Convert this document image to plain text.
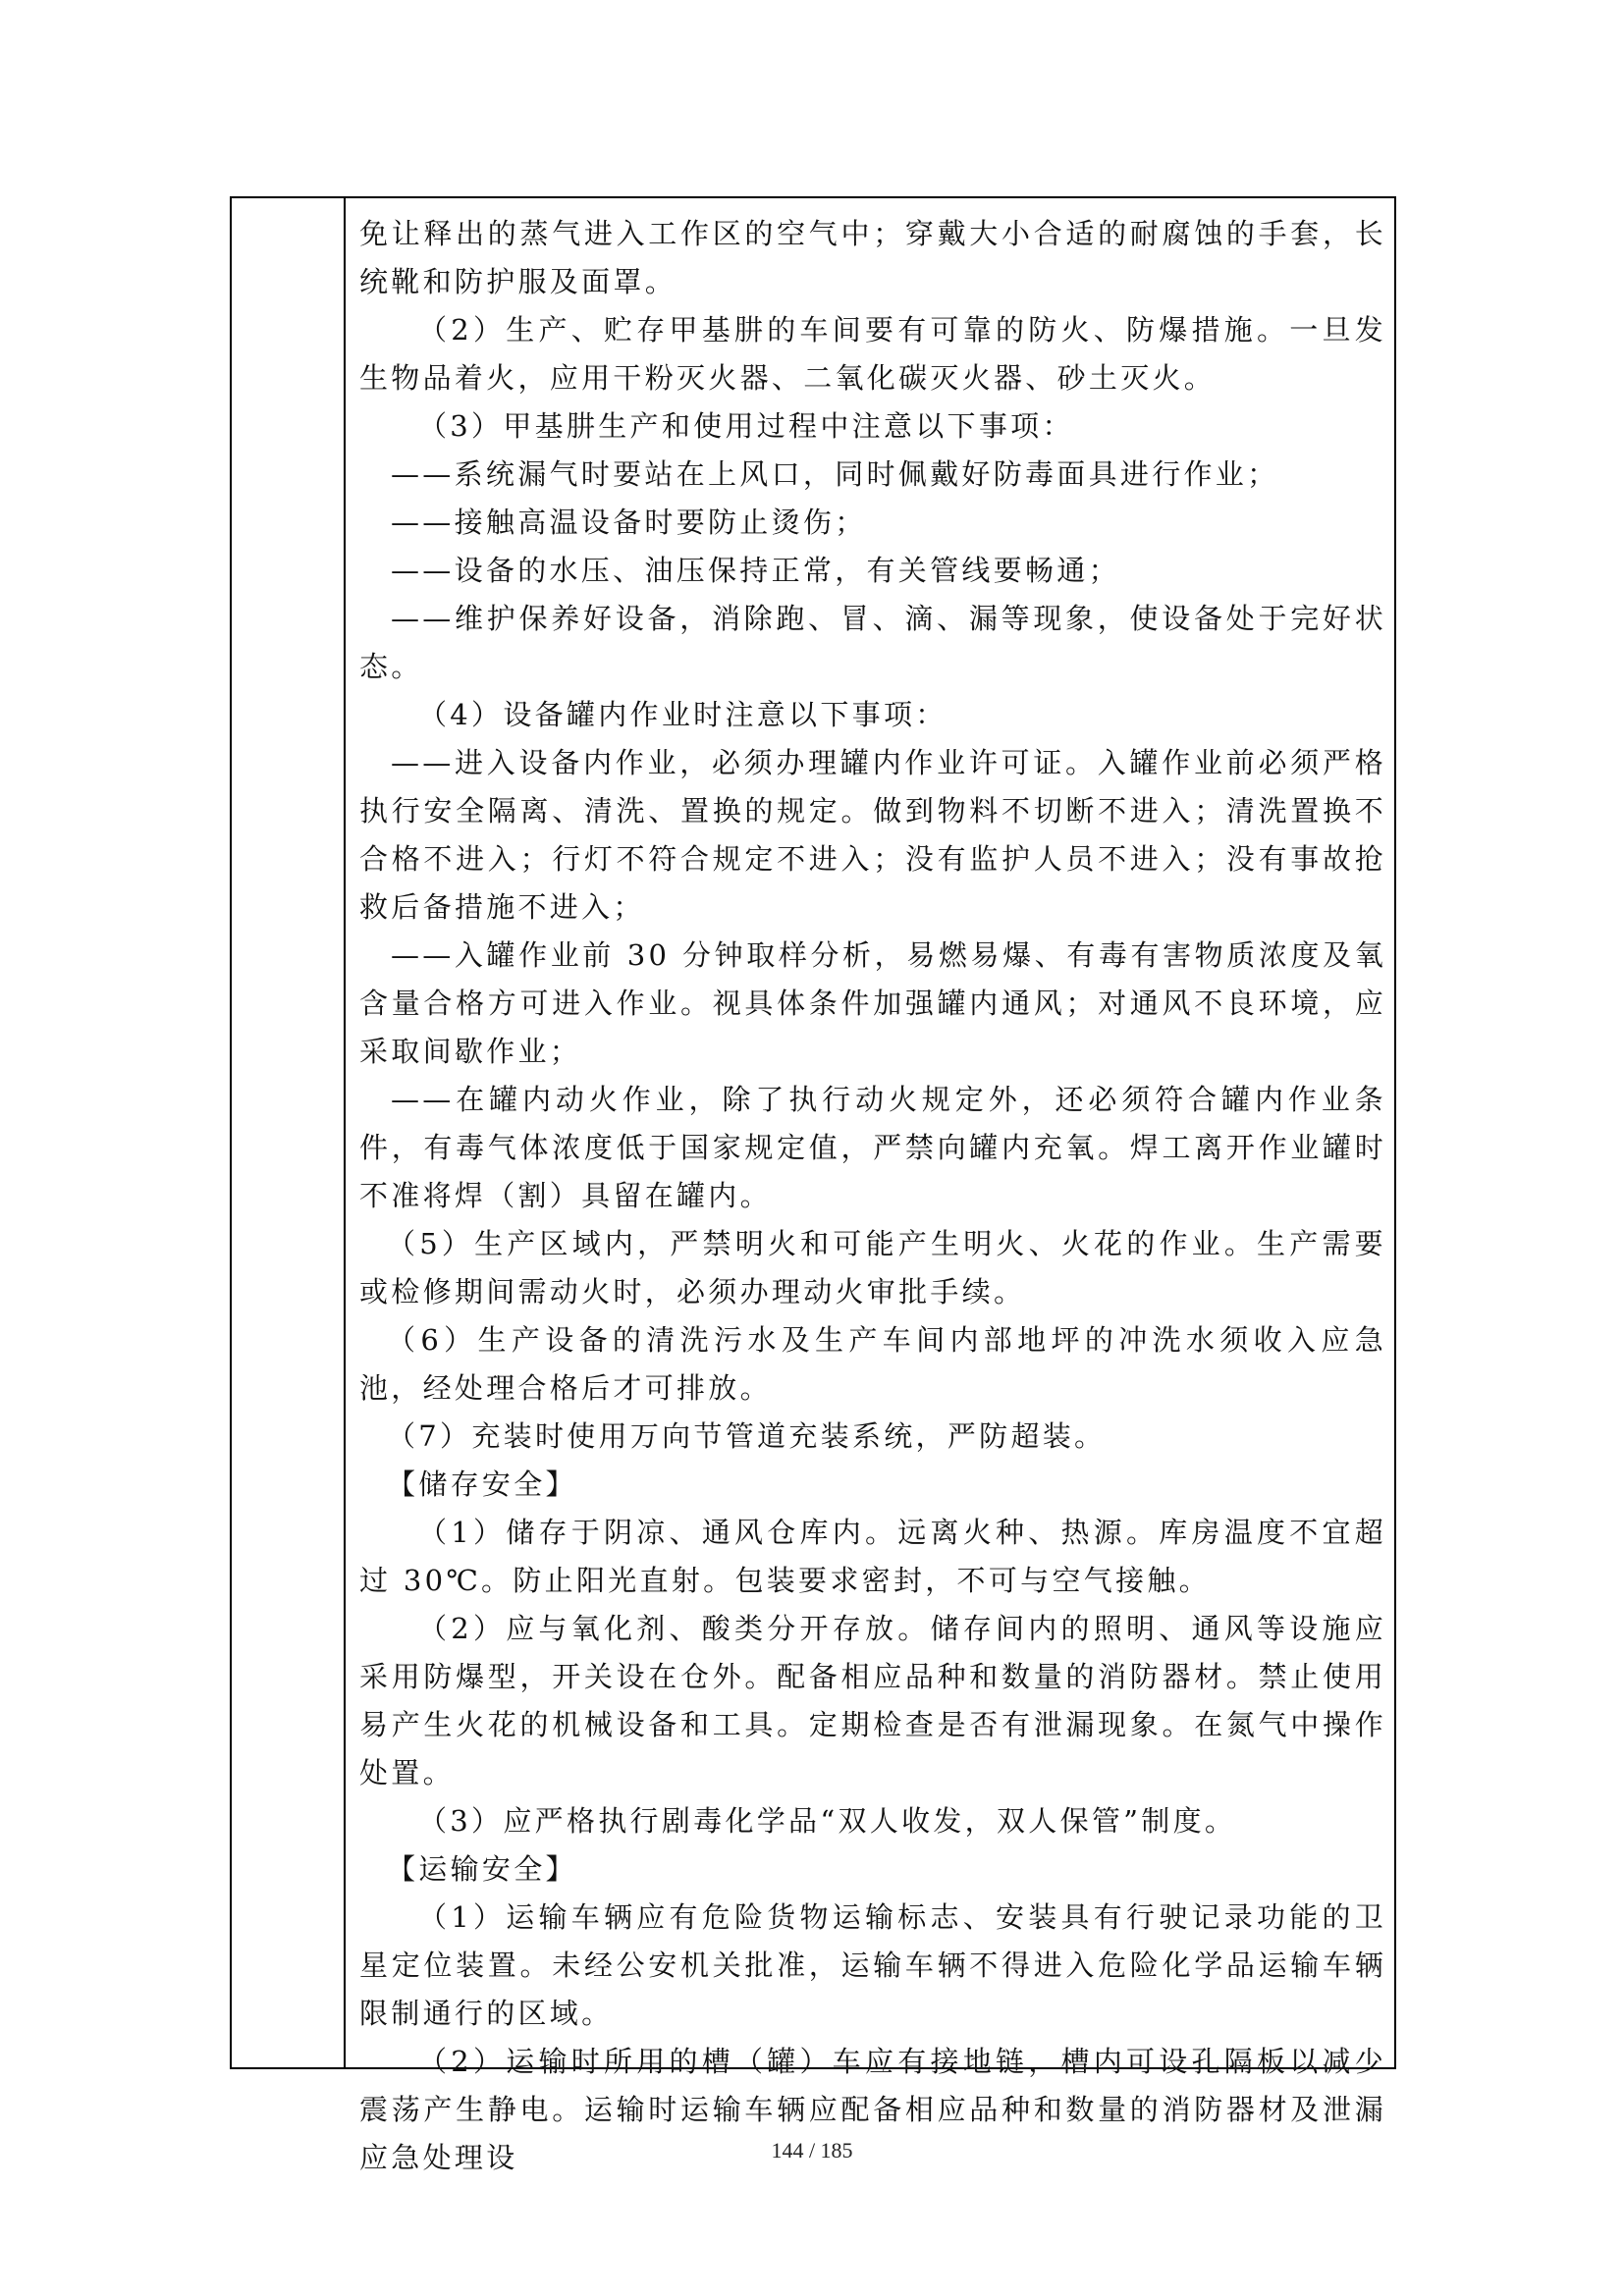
免让释出的蒸气进入工作区的空气中；穿戴大小合适的耐腐蚀的手套，长统靴和防护服及面罩。

（2）生产、贮存甲基肼的车间要有可靠的防火、防爆措施。一旦发生物品着火，应用干粉灭火器、二氧化碳灭火器、砂土灭火。

（3）甲基肼生产和使用过程中注意以下事项：

——系统漏气时要站在上风口，同时佩戴好防毒面具进行作业；

——接触高温设备时要防止烫伤；

——设备的水压、油压保持正常，有关管线要畅通；

——维护保养好设备，消除跑、冒、滴、漏等现象，使设备处于完好状态。

（4）设备罐内作业时注意以下事项：

——进入设备内作业，必须办理罐内作业许可证。入罐作业前必须严格执行安全隔离、清洗、置换的规定。做到物料不切断不进入；清洗置换不合格不进入；行灯不符合规定不进入；没有监护人员不进入；没有事故抢救后备措施不进入；

——入罐作业前 30 分钟取样分析，易燃易爆、有毒有害物质浓度及氧含量合格方可进入作业。视具体条件加强罐内通风；对通风不良环境，应采取间歇作业；

——在罐内动火作业，除了执行动火规定外，还必须符合罐内作业条件，有毒气体浓度低于国家规定值，严禁向罐内充氧。焊工离开作业罐时不准将焊（割）具留在罐内。

（5）生产区域内，严禁明火和可能产生明火、火花的作业。生产需要或检修期间需动火时，必须办理动火审批手续。

（6）生产设备的清洗污水及生产车间内部地坪的冲洗水须收入应急池，经处理合格后才可排放。

（7）充装时使用万向节管道充装系统，严防超装。

【储存安全】

（1）储存于阴凉、通风仓库内。远离火种、热源。库房温度不宜超过 30℃。防止阳光直射。包装要求密封，不可与空气接触。

（2）应与氧化剂、酸类分开存放。储存间内的照明、通风等设施应采用防爆型，开关设在仓外。配备相应品种和数量的消防器材。禁止使用易产生火花的机械设备和工具。定期检查是否有泄漏现象。在氮气中操作处置。

（3）应严格执行剧毒化学品“双人收发，双人保管”制度。

【运输安全】

（1）运输车辆应有危险货物运输标志、安装具有行驶记录功能的卫星定位装置。未经公安机关批准，运输车辆不得进入危险化学品运输车辆限制通行的区域。

（2）运输时所用的槽（罐）车应有接地链，槽内可设孔隔板以减少震荡产生静电。运输时运输车辆应配备相应品种和数量的消防器材及泄漏应急处理设	144 / 185
